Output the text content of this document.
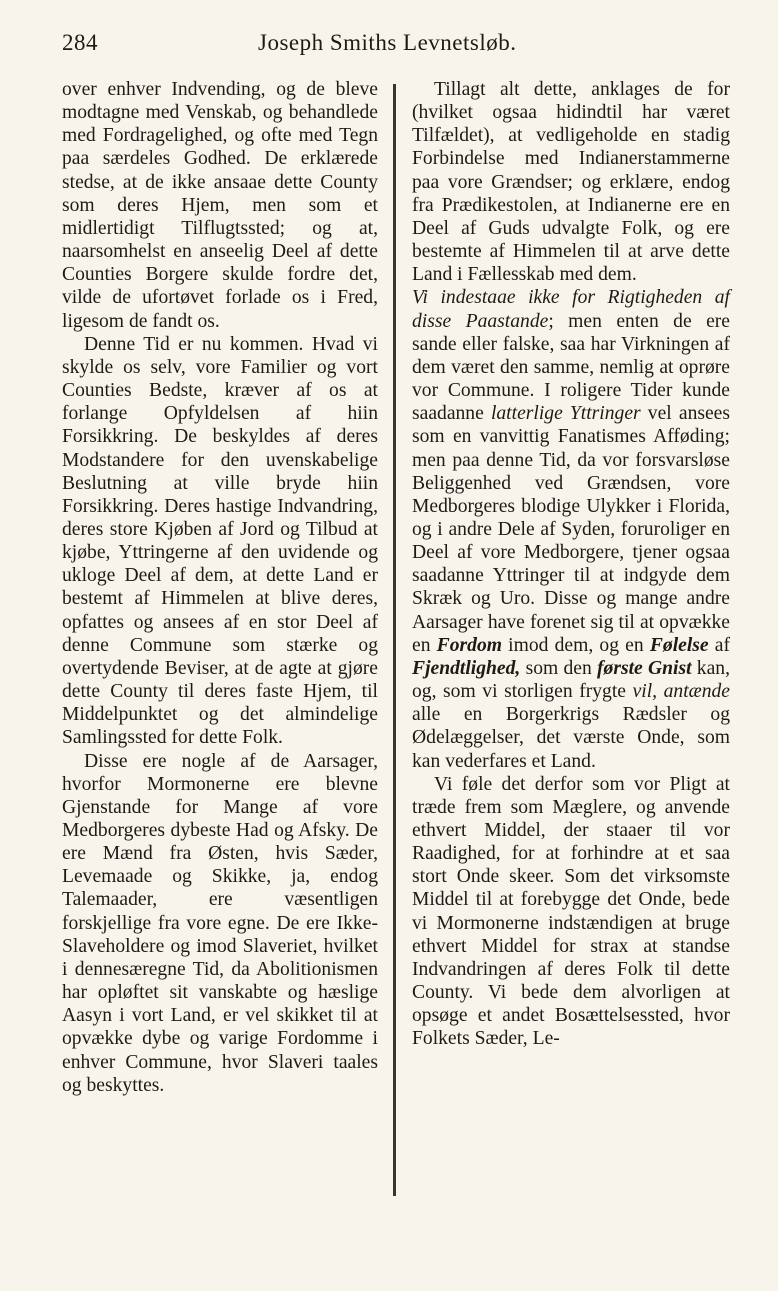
284	Joseph Smiths Levnetsløb.

over enhver Indvending, og de bleve modtagne med Venskab, og behandlede med Fordragelighed, og ofte med Tegn paa særdeles Godhed. De erklærede stedse, at de ikke ansaae dette County som deres Hjem, men som et midlertidigt Tilflugtssted; og at, naarsomhelst en anseelig Deel af dette Counties Borgere skulde fordre det, vilde de ufortøvet forlade os i Fred, ligesom de fandt os.

Denne Tid er nu kommen. Hvad vi skylde os selv, vore Familier og vort Counties Bedste, kræver af os at forlange Opfyldelsen af hiin Forsikkring. De beskyldes af deres Modstandere for den uvenskabelige Beslutning at ville bryde hiin Forsikkring. Deres hastige Indvandring, deres store Kjøben af Jord og Tilbud at kjøbe, Yttringerne af den uvidende og ukloge Deel af dem, at dette Land er bestemt af Himmelen at blive deres, opfattes og ansees af en stor Deel af denne Commune som stærke og overtydende Beviser, at de agte at gjøre dette County til deres faste Hjem, til Middelpunktet og det almindelige Samlingssted for dette Folk.

Disse ere nogle af de Aarsager, hvorfor Mormonerne ere blevne Gjenstande for Mange af vore Medborgeres dybeste Had og Afsky. De ere Mænd fra Østen, hvis Sæder, Levemaade og Skikke, ja, endog Talemaader, ere væsentligen forskjellige fra vore egne. De ere Ikke-Slaveholdere og imod Slaveriet, hvilket i dennesæregne Tid, da Abolitionismen har opløftet sit vanskabte og hæslige Aasyn i vort Land, er vel skikket til at opvække dybe og varige Fordomme i enhver Commune, hvor Slaveri taales og beskyttes.

Tillagt alt dette, anklages de for (hvilket ogsaa hidindtil har været Tilfældet), at vedligeholde en stadig Forbindelse med Indianerstammerne paa vore Grændser; og erklære, endog fra Prædikestolen, at Indianerne ere en Deel af Guds udvalgte Folk, og ere bestemte af Himmelen til at arve dette Land i Fællesskab med dem.

Vi indestaae ikke for Rigtigheden af disse Paastande; men enten de ere sande eller falske, saa har Virkningen af dem været den samme, nemlig at oprøre vor Commune. I roligere Tider kunde saadanne latterlige Yttringer vel ansees som en vanvittig Fanatismes Afføding; men paa denne Tid, da vor forsvarsløse Beliggenhed ved Grændsen, vore Medborgeres blodige Ulykker i Florida, og i andre Dele af Syden, foruroliger en Deel af vore Medborgere, tjener ogsaa saadanne Yttringer til at indgyde dem Skræk og Uro. Disse og mange andre Aarsager have forenet sig til at opvække en Fordom imod dem, og en Følelse af Fjendtlighed, som den første Gnist kan, og, som vi storligen frygte vil, antænde alle en Borgerkrigs Rædsler og Ødelæggelser, det værste Onde, som kan vederfares et Land.

Vi føle det derfor som vor Pligt at træde frem som Mæglere, og anvende ethvert Middel, der staaer til vor Raadighed, for at forhindre at et saa stort Onde skeer. Som det virksomste Middel til at forebygge det Onde, bede vi Mormonerne indstændigen at bruge ethvert Middel for strax at standse Indvandringen af deres Folk til dette County. Vi bede dem alvorligen at opsøge et andet Bosættelsessted, hvor Folkets Sæder, Le-
